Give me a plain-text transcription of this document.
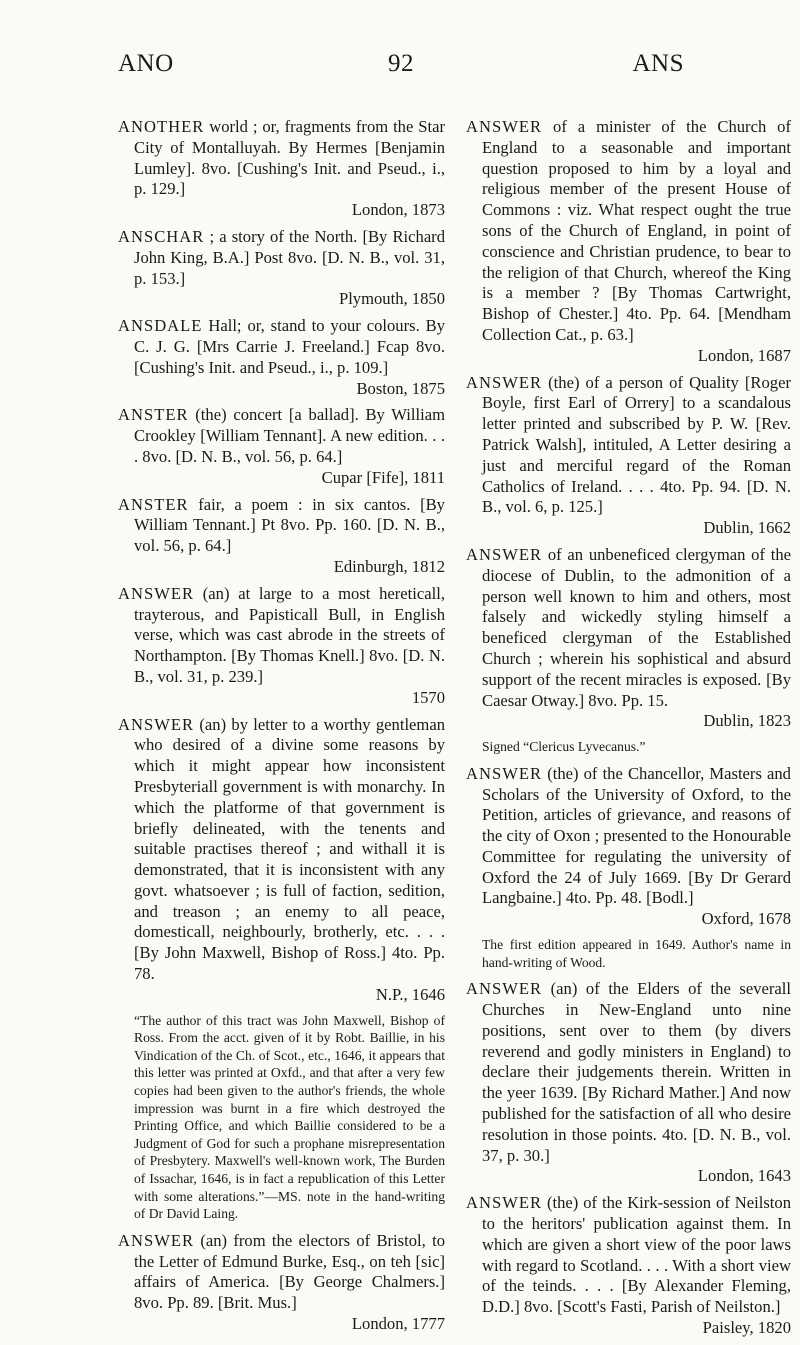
ANO	92	ANS
ANOTHER world ; or, fragments from the Star City of Montalluyah. By Hermes [Benjamin Lumley]. 8vo. [Cushing's Init. and Pseud., i., p. 129.]
London, 1873
ANSCHAR ; a story of the North. [By Richard John King, B.A.] Post 8vo. [D. N. B., vol. 31, p. 153.]
Plymouth, 1850
ANSDALE Hall; or, stand to your colours. By C. J. G. [Mrs Carrie J. Freeland.] Fcap 8vo. [Cushing's Init. and Pseud., i., p. 109.]
Boston, 1875
ANSTER (the) concert [a ballad]. By William Crookley [William Tennant]. A new edition. . . . 8vo. [D. N. B., vol. 56, p. 64.]
Cupar [Fife], 1811
ANSTER fair, a poem : in six cantos. [By William Tennant.] Pt 8vo. Pp. 160. [D. N. B., vol. 56, p. 64.]
Edinburgh, 1812
ANSWER (an) at large to a most hereticall, trayterous, and Papisticall Bull, in English verse, which was cast abrode in the streets of Northampton. [By Thomas Knell.] 8vo. [D. N. B., vol. 31, p. 239.]
1570
ANSWER (an) by letter to a worthy gentleman who desired of a divine some reasons by which it might appear how inconsistent Presbyteriall government is with monarchy. In which the platforme of that government is briefly delineated, with the tenents and suitable practises thereof ; and withall it is demonstrated, that it is inconsistent with any govt. whatsoever ; is full of faction, sedition, and treason ; an enemy to all peace, domesticall, neighbourly, brotherly, etc. . . . [By John Maxwell, Bishop of Ross.] 4to. Pp. 78.
N.P., 1646
“The author of this tract was John Maxwell, Bishop of Ross. From the acct. given of it by Robt. Baillie, in his Vindication of the Ch. of Scot., etc., 1646, it appears that this letter was printed at Oxfd., and that after a very few copies had been given to the author's friends, the whole impression was burnt in a fire which destroyed the Printing Office, and which Baillie considered to be a Judgment of God for such a prophane misrepresentation of Presbytery. Maxwell's well-known work, The Burden of Issachar, 1646, is in fact a republication of this Letter with some alterations.”—MS. note in the hand-writing of Dr David Laing.
ANSWER (an) from the electors of Bristol, to the Letter of Edmund Burke, Esq., on teh [sic] affairs of America. [By George Chalmers.] 8vo. Pp. 89. [Brit. Mus.]
London, 1777
ANSWER of a minister of the Church of England to a seasonable and important question proposed to him by a loyal and religious member of the present House of Commons : viz. What respect ought the true sons of the Church of England, in point of conscience and Christian prudence, to bear to the religion of that Church, whereof the King is a member ? [By Thomas Cartwright, Bishop of Chester.] 4to. Pp. 64. [Mendham Collection Cat., p. 63.]
London, 1687
ANSWER (the) of a person of Quality [Roger Boyle, first Earl of Orrery] to a scandalous letter printed and subscribed by P. W. [Rev. Patrick Walsh], intituled, A Letter desiring a just and merciful regard of the Roman Catholics of Ireland. . . . 4to. Pp. 94. [D. N. B., vol. 6, p. 125.]
Dublin, 1662
ANSWER of an unbeneficed clergyman of the diocese of Dublin, to the admonition of a person well known to him and others, most falsely and wickedly styling himself a beneficed clergyman of the Established Church ; wherein his sophistical and absurd support of the recent miracles is exposed. [By Caesar Otway.] 8vo. Pp. 15.
Dublin, 1823
Signed “Clericus Lyvecanus.”
ANSWER (the) of the Chancellor, Masters and Scholars of the University of Oxford, to the Petition, articles of grievance, and reasons of the city of Oxon ; presented to the Honourable Committee for regulating the university of Oxford the 24 of July 1669. [By Dr Gerard Langbaine.] 4to. Pp. 48. [Bodl.]
Oxford, 1678
The first edition appeared in 1649. Author's name in hand-writing of Wood.
ANSWER (an) of the Elders of the severall Churches in New-England unto nine positions, sent over to them (by divers reverend and godly ministers in England) to declare their judgements therein. Written in the yeer 1639. [By Richard Mather.] And now published for the satisfaction of all who desire resolution in those points. 4to. [D. N. B., vol. 37, p. 30.]
London, 1643
ANSWER (the) of the Kirk-session of Neilston to the heritors' publication against them. In which are given a short view of the poor laws with regard to Scotland. . . . With a short view of the teinds. . . . [By Alexander Fleming, D.D.] 8vo. [Scott's Fasti, Parish of Neilston.]
Paisley, 1820
